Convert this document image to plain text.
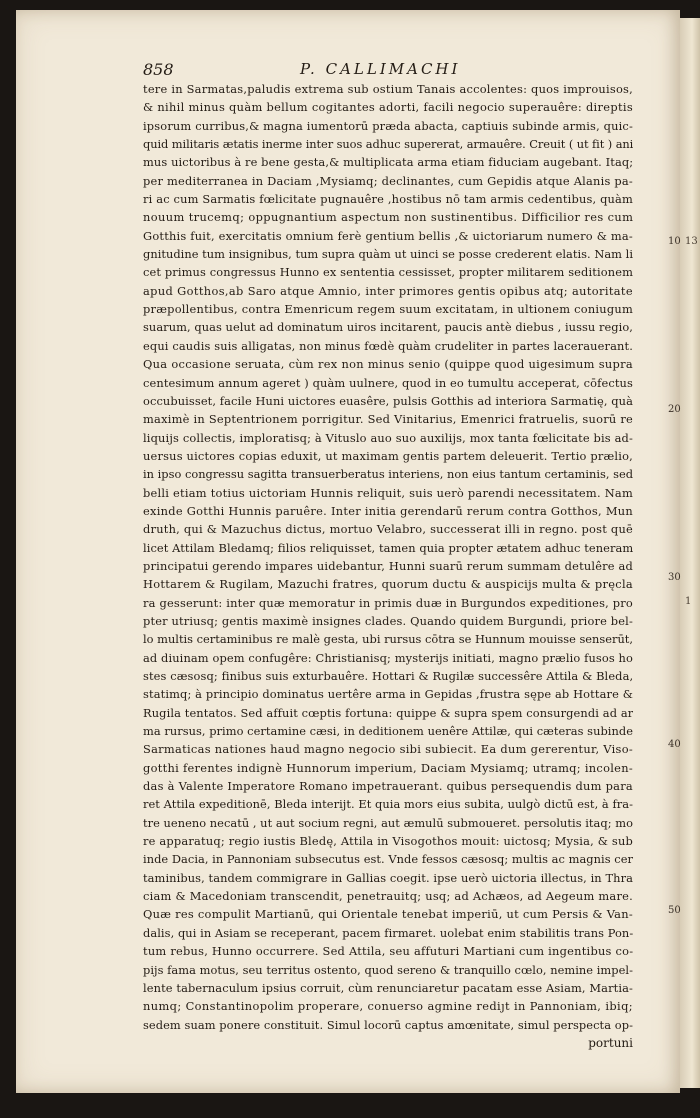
13
1
858	P. CALLIMACHI
tere in Sarmatas,paludis extrema sub ostium Tanais accolentes: quos improuisos,
& nihil minus quàm bellum cogitantes adorti, facili negocio superauêre: direptis
ipsorum curribus,& magna iumentorū præda abacta, captiuis subinde armis, quic-
quid militaris ætatis inerme inter suos adhuc supererat, armauêre. Creuit ( ut fit ) ani
mus uictoribus à re bene gesta,& multiplicata arma etiam fiduciam augebant. Itaq;
per mediterranea in Daciam ,Mysiamq; declinantes, cum Gepidis atque Alanis pa-
ri ac cum Sarmatis fœlicitate pugnauêre ,hostibus nō tam armis cedentibus, quàm
nouum trucemq; oppugnantium aspectum non sustinentibus. Difficilior res cum
Gotthis fuit, exercitatis omnium ferè gentium bellis ,& uictoriarum numero & ma-
gnitudine tum insignibus, tum supra quàm ut uinci se posse crederent elatis. Nam li
cet primus congressus Hunno ex sententia cessisset, propter militarem seditionem
apud Gotthos,ab Saro atque Amnio, inter primores gentis opibus atq; autoritate
præpollentibus, contra Emenricum regem suum excitatam, in ultionem coniugum
suarum, quas uelut ad dominatum uiros incitarent, paucis antè diebus , iussu regio,
equi caudis suis alligatas, non minus fœdè quàm crudeliter in partes lacerauerant.
Qua occasione seruata, cùm rex non minus senio (quippe quod uigesimum supra
centesimum annum ageret ) quàm uulnere, quod in eo tumultu acceperat, cōfectus
occubuisset, facile Huni uictores euasêre, pulsis Gotthis ad interiora Sarmatię, quà
maximè in Septentrionem porrigitur. Sed Vinitarius, Emenrici fratruelis, suorū re
liquijs collectis, imploratisq; à Vituslo auo suo auxilijs, mox tanta fœlicitate bis ad-
uersus uictores copias eduxit, ut maximam gentis partem deleuerit. Tertio prælio,
in ipso congressu sagitta transuerberatus interiens, non eius tantum certaminis, sed
belli etiam totius uictoriam Hunnis reliquit, suis uerò parendi necessitatem. Nam
exinde Gotthi Hunnis paruêre. Inter initia gerendarū rerum contra Gotthos, Mun
druth, qui & Mazuchus dictus, mortuo Velabro, successerat illi in regno. post quē
licet Attilam Bledamq; filios reliquisset, tamen quia propter ætatem adhuc teneram
principatui gerendo impares uidebantur, Hunni suarū rerum summam detulêre ad
Hottarem & Rugilam, Mazuchi fratres, quorum ductu & auspicijs multa & pręcla
ra gesserunt: inter quæ memoratur in primis duæ in Burgundos expeditiones, pro
pter utriusq; gentis maximè insignes clades. Quando quidem Burgundi, priore bel-
lo multis certaminibus re malè gesta, ubi rursus cōtra se Hunnum mouisse senserūt,
ad diuinam opem confugêre: Christianisq; mysterijs initiati, magno prælio fusos ho
stes cæsosq; finibus suis exturbauêre. Hottari & Rugilæ successêre Attila & Bleda,
statimq; à principio dominatus uertêre arma in Gepidas ,frustra sępe ab Hottare &
Rugila tentatos. Sed affuit cœptis fortuna: quippe & supra spem consurgendi ad ar
ma rursus, primo certamine cæsi, in deditionem uenêre Attilæ, qui cæteras subinde
Sarmaticas nationes haud magno negocio sibi subiecit. Ea dum gererentur, Viso-
gotthi ferentes indignè Hunnorum imperium, Daciam Mysiamq; utramq; incolen-
das à Valente Imperatore Romano impetrauerant. quibus persequendis dum para
ret Attila expeditionē, Bleda interijt. Et quia mors eius subita, uulgò dictū est, à fra-
tre ueneno necatū , ut aut socium regni, aut æmulū submoueret. persolutis itaq; mo
re apparatuq; regio iustis Bledę, Attila in Visogothos mouit: uictosq; Mysia, & sub
inde Dacia, in Pannoniam subsecutus est. Vnde fessos cæsosq; multis ac magnis cer
taminibus, tandem commigrare in Gallias coegit. ipse uerò uictoria illectus, in Thra
ciam & Macedoniam transcendit, penetrauitq; usq; ad Achæos, ad Aegeum mare.
Quæ res compulit Martianū, qui Orientale tenebat imperiū, ut cum Persis & Van-
dalis, qui in Asiam se receperant, pacem firmaret. uolebat enim stabilitis trans Pon-
tum rebus, Hunno occurrere. Sed Attila, seu affuturi Martiani cum ingentibus co-
pijs fama motus, seu territus ostento, quod sereno & tranquillo cœlo, nemine impel-
lente tabernaculum ipsius corruit, cùm renunciaretur pacatam esse Asiam, Martia-
numq; Constantinopolim properare, conuerso agmine rediȷt in Pannoniam, ibiq;
sedem suam ponere constituit. Simul locorū captus amœnitate, simul perspecta op-
portuni
10
20
30
40
50
